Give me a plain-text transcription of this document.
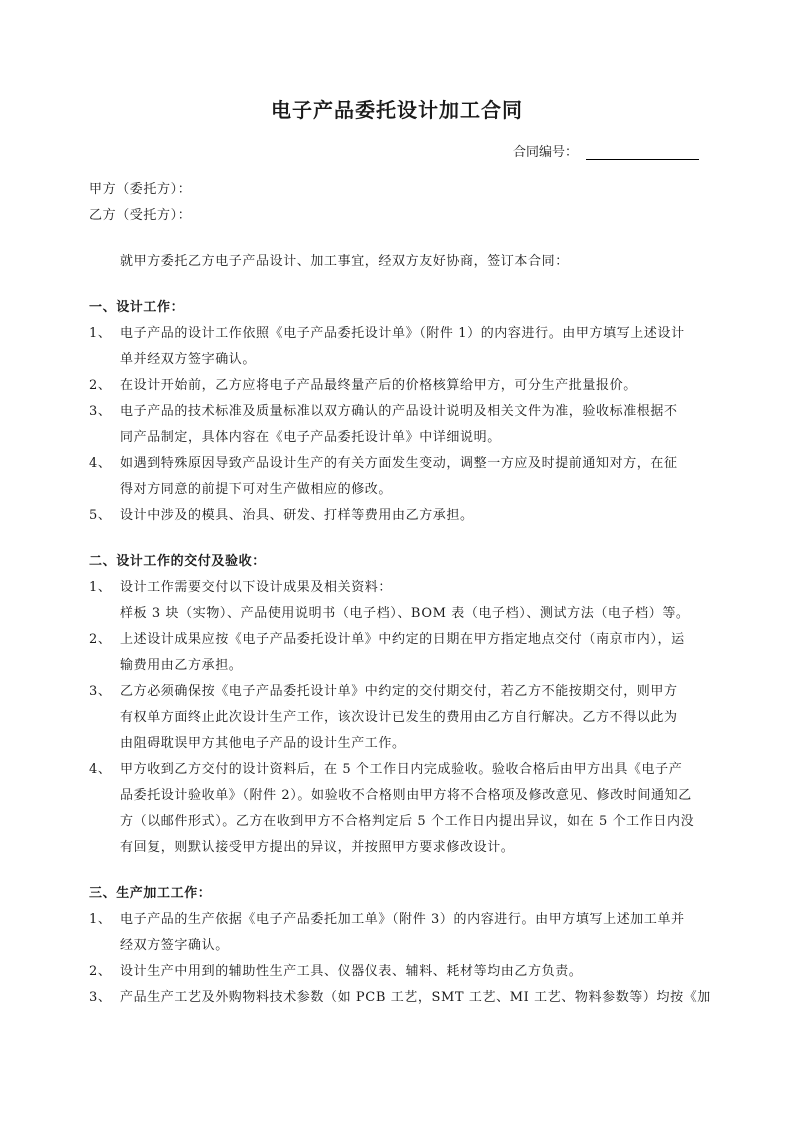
电子产品委托设计加工合同
合同编号：
甲方（委托方）：
乙方（受托方）：
就甲方委托乙方电子产品设计、加工事宜，经双方友好协商，签订本合同：
一、设计工作：
1、 电子产品的设计工作依照《电子产品委托设计单》（附件 1）的内容进行。由甲方填写上述设计
单并经双方签字确认。
2、 在设计开始前，乙方应将电子产品最终量产后的价格核算给甲方，可分生产批量报价。
3、 电子产品的技术标准及质量标准以双方确认的产品设计说明及相关文件为准，验收标准根据不
同产品制定，具体内容在《电子产品委托设计单》中详细说明。
4、 如遇到特殊原因导致产品设计生产的有关方面发生变动，调整一方应及时提前通知对方，在征
得对方同意的前提下可对生产做相应的修改。
5、 设计中涉及的模具、治具、研发、打样等费用由乙方承担。
二、设计工作的交付及验收：
1、 设计工作需要交付以下设计成果及相关资料：
样板 3 块（实物）、产品使用说明书（电子档）、BOM 表（电子档）、测试方法（电子档）等。
2、 上述设计成果应按《电子产品委托设计单》中约定的日期在甲方指定地点交付（南京市内），运
输费用由乙方承担。
3、 乙方必须确保按《电子产品委托设计单》中约定的交付期交付，若乙方不能按期交付，则甲方
有权单方面终止此次设计生产工作，该次设计已发生的费用由乙方自行解决。乙方不得以此为
由阻碍耽误甲方其他电子产品的设计生产工作。
4、 甲方收到乙方交付的设计资料后，在 5 个工作日内完成验收。验收合格后由甲方出具《电子产
品委托设计验收单》（附件 2）。如验收不合格则由甲方将不合格项及修改意见、修改时间通知乙
方（以邮件形式）。乙方在收到甲方不合格判定后 5 个工作日内提出异议，如在 5 个工作日内没
有回复，则默认接受甲方提出的异议，并按照甲方要求修改设计。
三、生产加工工作：
1、 电子产品的生产依据《电子产品委托加工单》（附件 3）的内容进行。由甲方填写上述加工单并
经双方签字确认。
2、 设计生产中用到的辅助性生产工具、仪器仪表、辅料、耗材等均由乙方负责。
3、 产品生产工艺及外购物料技术参数（如 PCB 工艺，SMT 工艺、MI 工艺、物料参数等）均按《加
